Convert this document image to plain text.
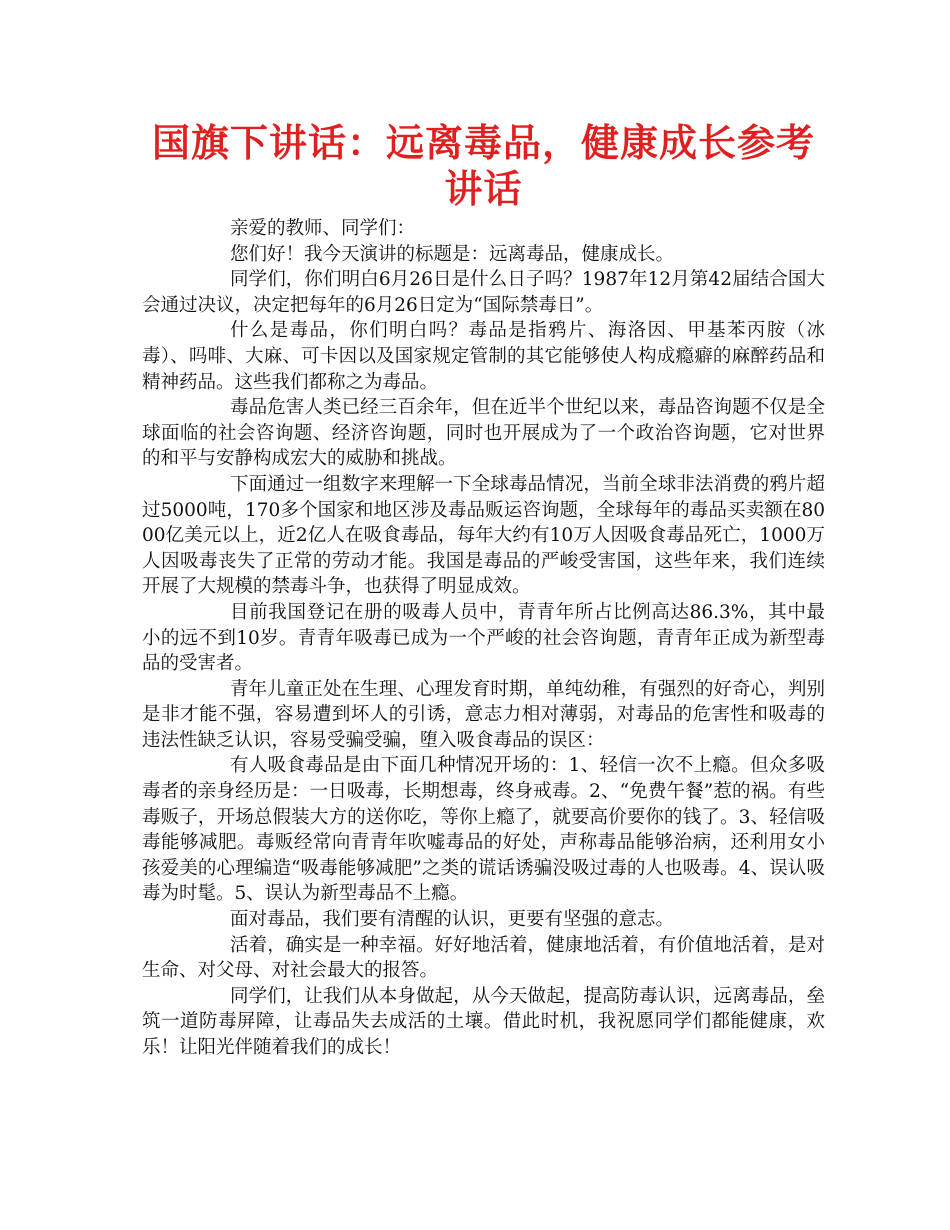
国旗下讲话：远离毒品，健康成长参考讲话

亲爱的教师、同学们：

您们好！我今天演讲的标题是：远离毒品，健康成长。

同学们，你们明白6月26日是什么日子吗？1987年12月第42届结合国大会通过决议，决定把每年的6月26日定为“国际禁毒日”。

什么是毒品，你们明白吗？毒品是指鸦片、海洛因、甲基苯丙胺（冰毒）、吗啡、大麻、可卡因以及国家规定管制的其它能够使人构成瘾癖的麻醉药品和精神药品。这些我们都称之为毒品。

毒品危害人类已经三百余年，但在近半个世纪以来，毒品咨询题不仅是全球面临的社会咨询题、经济咨询题，同时也开展成为了一个政治咨询题，它对世界的和平与安静构成宏大的威胁和挑战。

下面通过一组数字来理解一下全球毒品情况，当前全球非法消费的鸦片超过5000吨，170多个国家和地区涉及毒品贩运咨询题，全球每年的毒品买卖额在8000亿美元以上，近2亿人在吸食毒品，每年大约有10万人因吸食毒品死亡，1000万人因吸毒丧失了正常的劳动才能。我国是毒品的严峻受害国，这些年来，我们连续开展了大规模的禁毒斗争，也获得了明显成效。

目前我国登记在册的吸毒人员中，青青年所占比例高达86.3%，其中最小的远不到10岁。青青年吸毒已成为一个严峻的社会咨询题，青青年正成为新型毒品的受害者。

青年儿童正处在生理、心理发育时期，单纯幼稚，有强烈的好奇心，判别是非才能不强，容易遭到坏人的引诱，意志力相对薄弱，对毒品的危害性和吸毒的违法性缺乏认识，容易受骗受骗，堕入吸食毒品的误区：

有人吸食毒品是由下面几种情况开场的：1、轻信一次不上瘾。但众多吸毒者的亲身经历是：一日吸毒，长期想毒，终身戒毒。2、“免费午餐”惹的祸。有些毒贩子，开场总假装大方的送你吃，等你上瘾了，就要高价要你的钱了。3、轻信吸毒能够减肥。毒贩经常向青青年吹嘘毒品的好处，声称毒品能够治病，还利用女小孩爱美的心理编造“吸毒能够减肥”之类的谎话诱骗没吸过毒的人也吸毒。4、误认吸毒为时髦。5、误认为新型毒品不上瘾。

面对毒品，我们要有清醒的认识，更要有坚强的意志。

活着，确实是一种幸福。好好地活着，健康地活着，有价值地活着，是对生命、对父母、对社会最大的报答。

同学们，让我们从本身做起，从今天做起，提高防毒认识，远离毒品，垒筑一道防毒屏障，让毒品失去成活的土壤。借此时机，我祝愿同学们都能健康，欢乐！让阳光伴随着我们的成长！
